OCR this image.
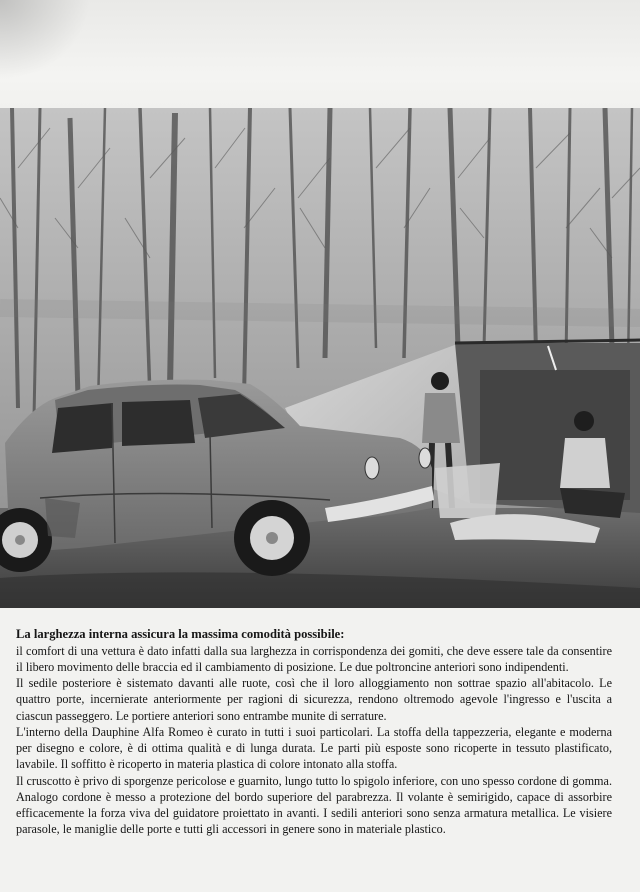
La larghezza interna assicura la massima comodità possibile:

il comfort di una vettura è dato infatti dalla sua larghezza in corrispondenza dei gomiti, che deve essere tale da consentire il libero movimento delle braccia ed il cambiamento di posizione. Le due poltroncine anteriori sono indipendenti.

Il sedile posteriore è sistemato davanti alle ruote, così che il loro alloggiamento non sottrae spazio all'abitacolo. Le quattro porte, incernierate anteriormente per ragioni di sicurezza, rendono oltremodo agevole l'ingresso e l'uscita a ciascun passeggero. Le portiere anteriori sono entrambe munite di serrature.

L'interno della Dauphine Alfa Romeo è curato in tutti i suoi particolari. La stoffa della tappezzeria, elegante e moderna per disegno e colore, è di ottima qualità e di lunga durata. Le parti più esposte sono ricoperte in tessuto plastificato, lavabile. Il soffitto è ricoperto in materia plastica di colore intonato alla stoffa.

Il cruscotto è privo di sporgenze pericolose e guarnito, lungo tutto lo spigolo inferiore, con uno spesso cordone di gomma. Analogo cordone è messo a protezione del bordo superiore del parabrezza. Il volante è semirigido, capace di assorbire efficacemente la forza viva del guidatore proiettato in avanti. I sedili anteriori sono senza armatura metallica. Le visiere parasole, le maniglie delle porte e tutti gli accessori in genere sono in materiale plastico.
